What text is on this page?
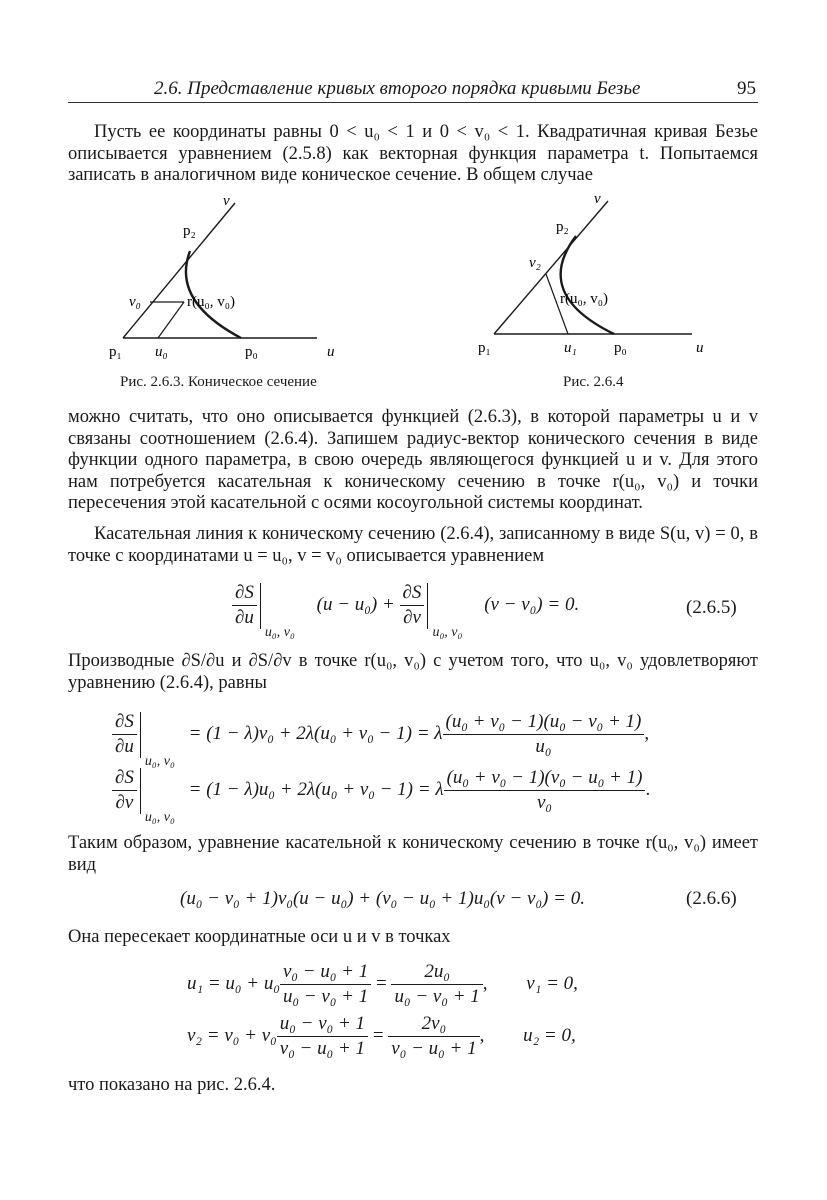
2.6. Представление кривых второго порядка кривыми Безье	95

Пусть ее координаты равны 0 < u₀ < 1 и 0 < v₀ < 1. Квадратичная кривая Безье описывается уравнением (2.5.8) как векторная функция параметра t. Попытаемся записать в аналогичном виде коническое сечение. В общем случае

v
p₂
v₀	r(u₀, v₀)
p₁ u₀	p₀	u
Рис. 2.6.3. Коническое сечение
v
p₂
v₂
r(u₀, v₀)
p₁	u₁ p₀	u
Рис. 2.6.4

можно считать, что оно описывается функцией (2.6.3), в которой параметры u и v связаны соотношением (2.6.4). Запишем радиус-вектор конического сечения в виде функции одного параметра, в свою очередь являющегося функцией u и v. Для этого нам потребуется касательная к коническому сечению в точке r(u₀, v₀) и точки пересечения этой касательной с осями косоугольной системы координат.

Касательная линия к коническому сечению (2.6.4), записанному в виде S(u, v) = 0, в точке с координатами u = u₀, v = v₀ описывается уравнением

$\frac{\partial S}{\partial u}$
u₀, v₀
$(u - u_0) + \frac{\partial S}{\partial v}$
u₀, v₀
(v − v₀) = 0.	(2.6.5)

Производные ∂S/∂u и ∂S/∂v в точке r(u₀, v₀) с учетом того, что u₀, v₀ удовлетворяют уравнению (2.6.4), равны

$\frac{\partial S}{\partial u}$
u₀, v₀
= (1 − λ)v₀ + 2λ(u₀ + v₀ − 1) = λ $\frac{\text{(u₀ + v₀ − 1)(u₀ − v₀ + 1)}}{\text{u₀}}$ ,
$\frac{\partial S}{\partial v}$
u₀, v₀
= (1 − λ)u₀ + 2λ(u₀ + v₀ − 1) = λ $\frac{\text{(u₀ + v₀ − 1)(v₀ − u₀ + 1)}}{\text{v₀}}$ .

Таким образом, уравнение касательной к коническому сечению в точке r(u₀, v₀) имеет вид

(u₀ − v₀ + 1)v₀(u − u₀) + (v₀ − u₀ + 1)u₀(v − v₀) = 0.	(2.6.6)

Она пересекает координатные оси u и v в точках

$u_1 = u_0 + u_0 \frac{\text{v₀ − u₀ + 1}}{\text{u₀ − v₀ + 1}} = \frac{\text{2u₀}}{\text{u₀ − v₀ + 1}}$ , v₁ = 0,
$v_2 = v_0 + v_0 \frac{\text{u₀ − v₀ + 1}}{\text{v₀ − u₀ + 1}} = \frac{\text{2v₀}}{\text{v₀ − u₀ + 1}}$ , u₂ = 0,

что показано на рис. 2.6.4.
